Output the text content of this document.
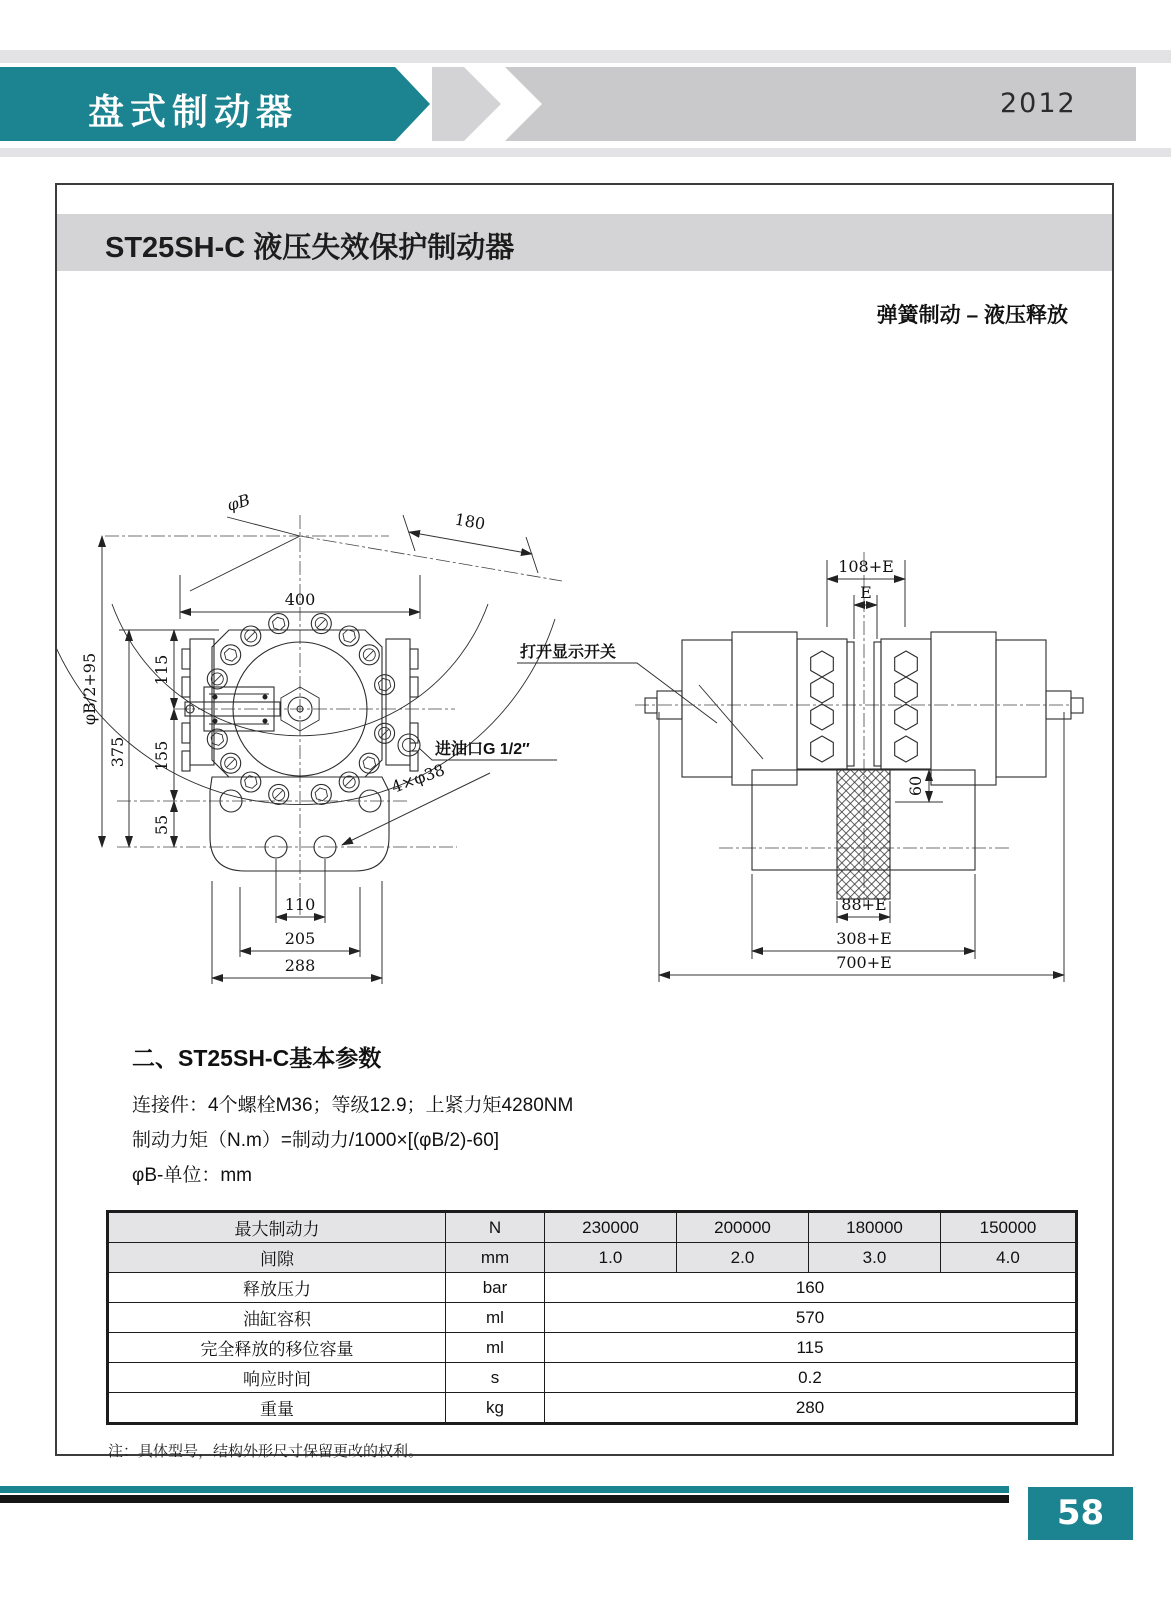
盘式制动器	2012
ST25SH-C 液压失效保护制动器
弹簧制动 – 液压释放
φB
180
400
φB/2+95
375
115
155
55
110
205
288
4×φ38
打开显示开关
进油口G 1/2″
108+E
E
60
88+E
308+E
700+E
二、ST25SH-C基本参数
连接件：4个螺栓M36；等级12.9；上紧力矩4280NM
制动力矩（N.m）=制动力/1000×[(φB/2)-60]
φB-单位：mm
最大制动力	N	230000	200000	180000	150000
间隙	mm	1.0	2.0	3.0	4.0
释放压力	bar	160			
油缸容积	ml	570			
完全释放的移位容量	ml	115			
响应时间	s	0.2			
重量	kg	280			
注：具体型号，结构外形尺寸保留更改的权利。
58
